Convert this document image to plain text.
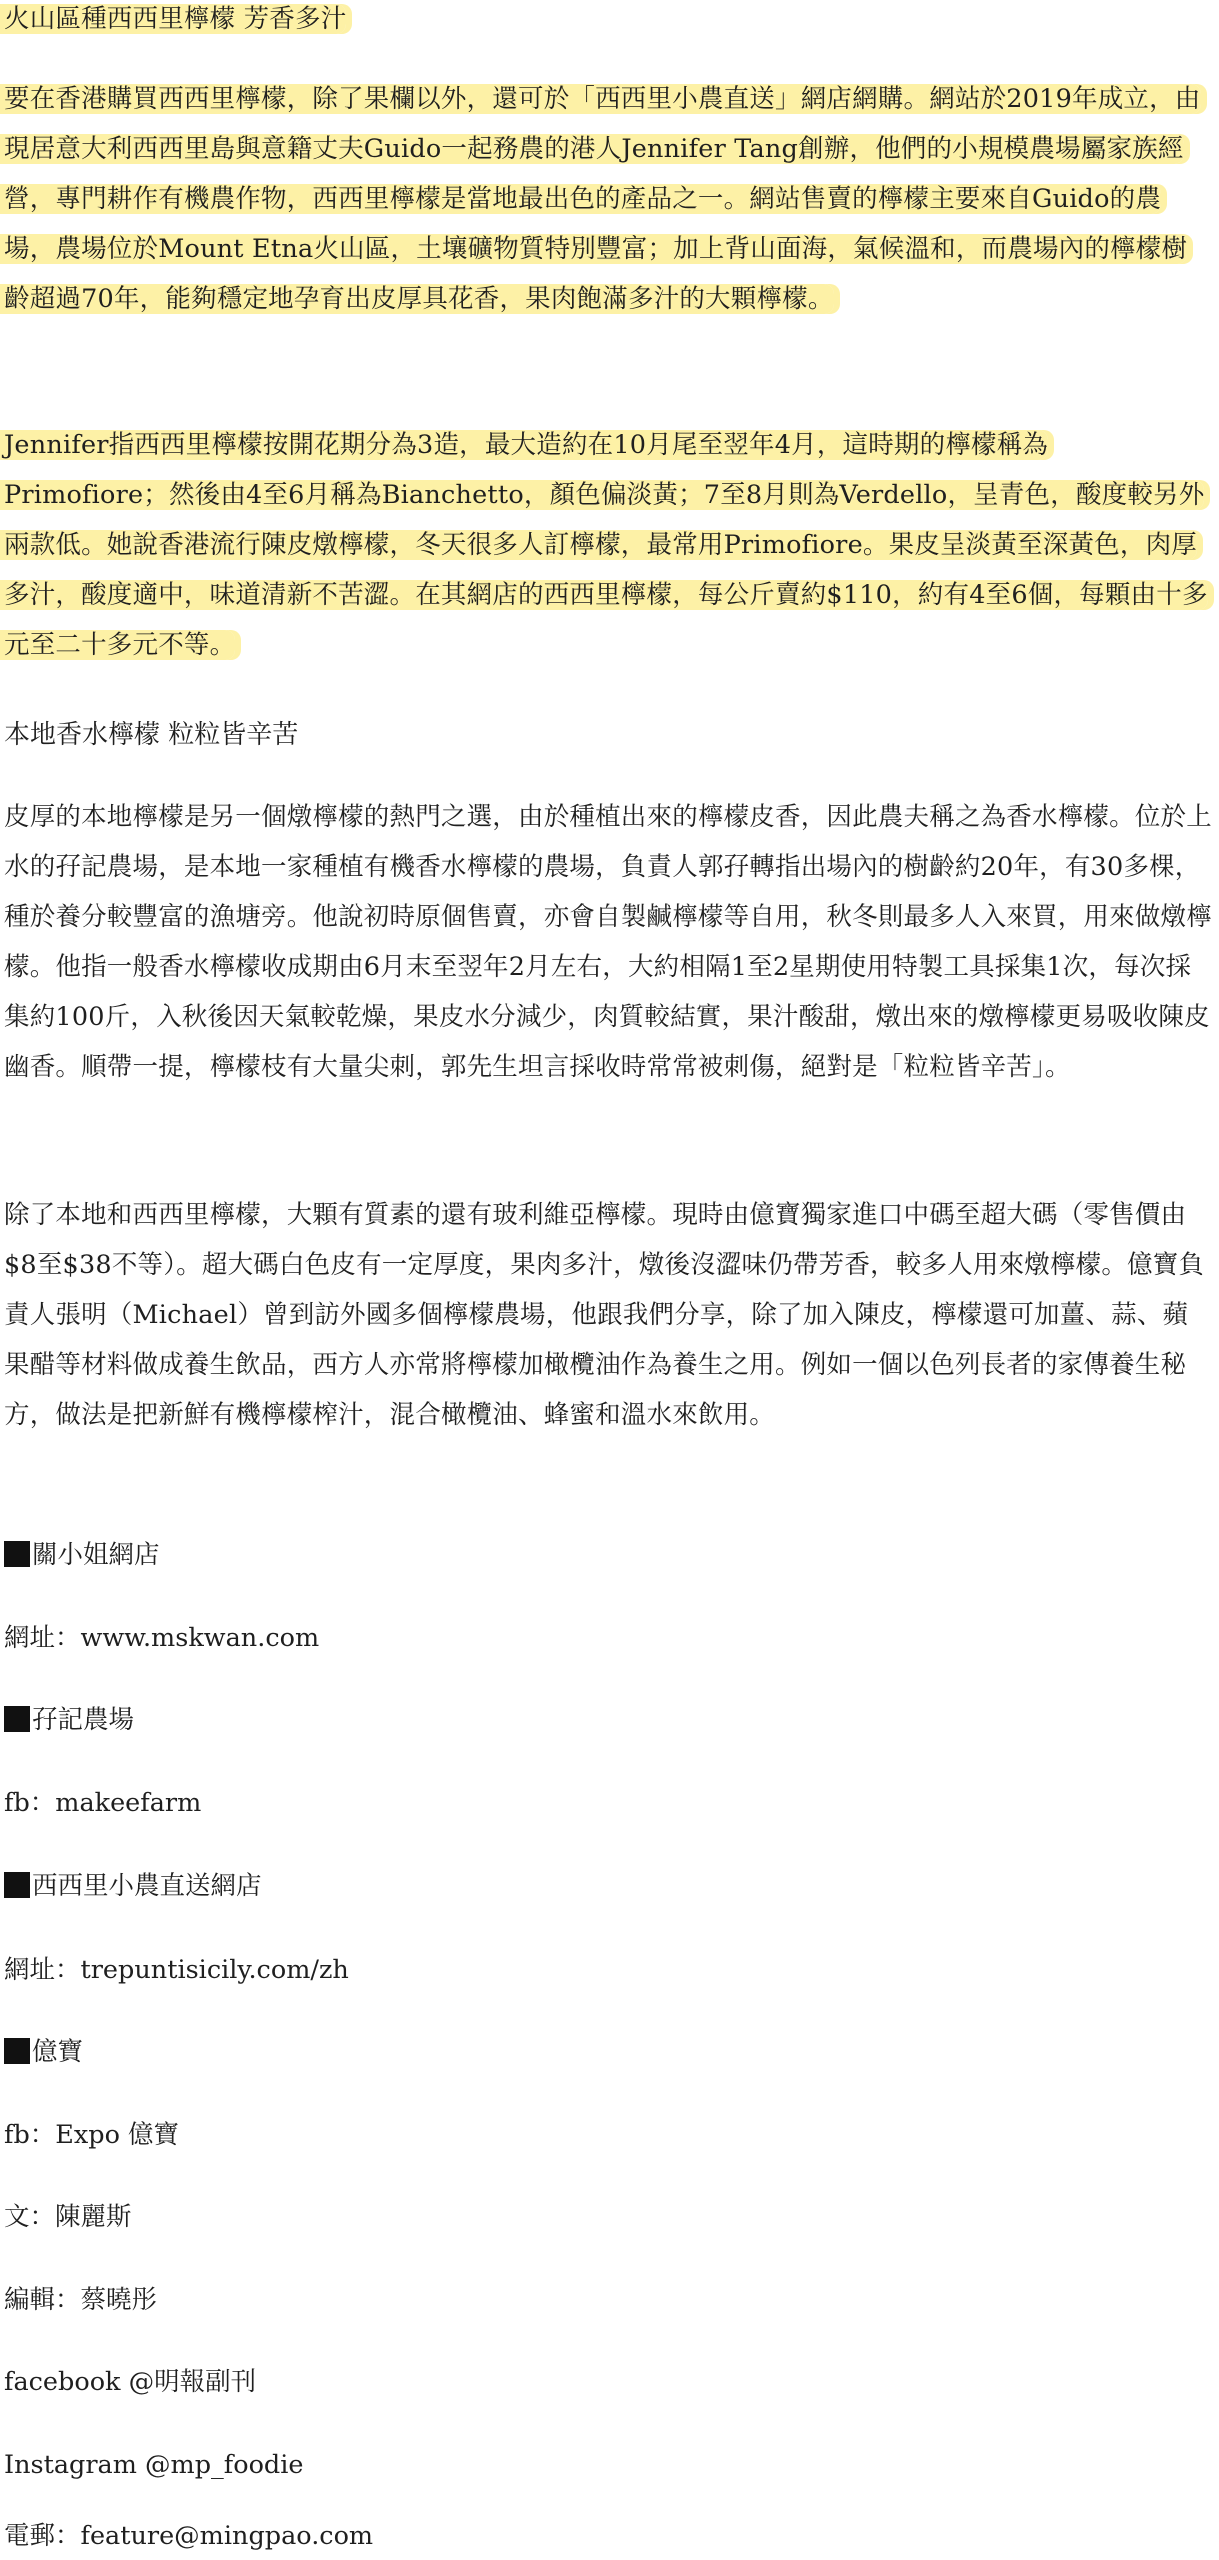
火山區種西西里檸檬 芳香多汁

要在香港購買西西里檸檬，除了果欄以外，還可於「西西里小農直送」網店網購。網站於2019年成立，由現居意大利西西里島與意籍丈夫Guido一起務農的港人Jennifer Tang創辦，他們的小規模農場屬家族經營，專門耕作有機農作物，西西里檸檬是當地最出色的產品之一。網站售賣的檸檬主要來自Guido的農場，農場位於Mount Etna火山區，土壤礦物質特別豐富；加上背山面海，氣候溫和，而農場內的檸檬樹齡超過70年，能夠穩定地孕育出皮厚具花香，果肉飽滿多汁的大顆檸檬。

Jennifer指西西里檸檬按開花期分為3造，最大造約在10月尾至翌年4月，這時期的檸檬稱為Primofiore；然後由4至6月稱為Bianchetto，顏色偏淡黃；7至8月則為Verdello，呈青色，酸度較另外兩款低。她說香港流行陳皮燉檸檬，冬天很多人訂檸檬，最常用Primofiore。果皮呈淡黃至深黃色，肉厚多汁，酸度適中，味道清新不苦澀。在其網店的西西里檸檬，每公斤賣約$110，約有4至6個，每顆由十多元至二十多元不等。

本地香水檸檬 粒粒皆辛苦

皮厚的本地檸檬是另一個燉檸檬的熱門之選，由於種植出來的檸檬皮香，因此農夫稱之為香水檸檬。位於上水的孖記農場，是本地一家種植有機香水檸檬的農場，負責人郭孖轉指出場內的樹齡約20年，有30多棵，種於養分較豐富的漁塘旁。他說初時原個售賣，亦會自製鹹檸檬等自用，秋冬則最多人入來買，用來做燉檸檬。他指一般香水檸檬收成期由6月末至翌年2月左右，大約相隔1至2星期使用特製工具採集1次，每次採集約100斤，入秋後因天氣較乾燥，果皮水分減少，肉質較結實，果汁酸甜，燉出來的燉檸檬更易吸收陳皮幽香。順帶一提，檸檬枝有大量尖刺，郭先生坦言採收時常常被刺傷，絕對是「粒粒皆辛苦」。

除了本地和西西里檸檬，大顆有質素的還有玻利維亞檸檬。現時由億寶獨家進口中碼至超大碼（零售價由$8至$38不等）。超大碼白色皮有一定厚度，果肉多汁，燉後沒澀味仍帶芳香，較多人用來燉檸檬。億寶負責人張明（Michael）曾到訪外國多個檸檬農場，他跟我們分享，除了加入陳皮，檸檬還可加薑、蒜、蘋果醋等材料做成養生飲品，西方人亦常將檸檬加橄欖油作為養生之用。例如一個以色列長者的家傳養生秘方，做法是把新鮮有機檸檬榨汁，混合橄欖油、蜂蜜和溫水來飲用。

關小姐網店

網址：www.mskwan.com

孖記農場

fb：makeefarm

西西里小農直送網店

網址：trepuntisicily.com/zh

億寶

fb：Expo 億寶

文：陳麗斯

編輯：蔡曉彤

facebook @明報副刊

Instagram @mp_foodie

電郵：feature@mingpao.com
